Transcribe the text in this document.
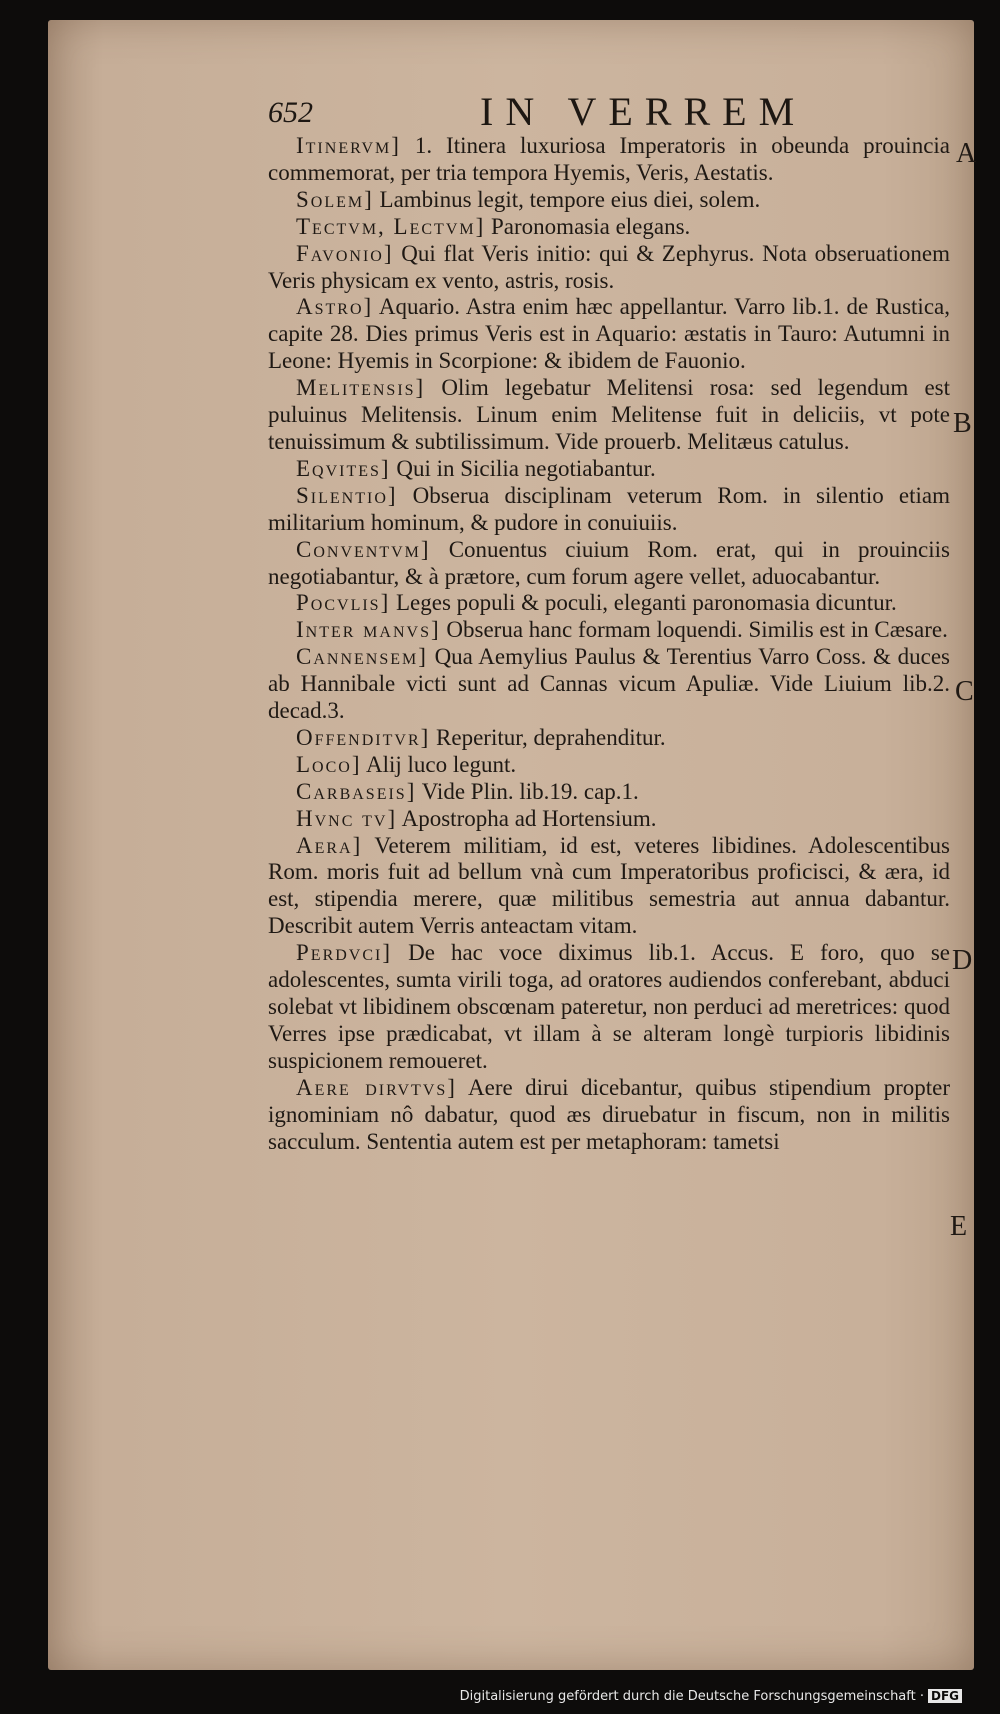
652	IN VERREM

Itinervm] 1. Itinera luxuriosa Imperatoris in obeunda prouincia commemorat, per tria tempora Hyemis, Veris, Aestatis.

Solem] Lambinus legit, tempore eius diei, solem.

Tectvm, Lectvm] Paronomasia elegans.

Favonio] Qui flat Veris initio: qui & Zephyrus. Nota obseruationem Veris physicam ex vento, astris, rosis.

Astro] Aquario. Astra enim hæc appellantur. Varro lib.1. de Rustica, capite 28. Dies primus Veris est in Aquario: æstatis in Tauro: Autumni in Leone: Hyemis in Scorpione: & ibidem de Fauonio.

Melitensis] Olim legebatur Melitensi rosa: sed legendum est puluinus Melitensis. Linum enim Melitense fuit in deliciis, vt pote tenuissimum & subtilissimum. Vide prouerb. Melitæus catulus.

Eqvites] Qui in Sicilia negotiabantur.

Silentio] Obserua disciplinam veterum Rom. in silentio etiam militarium hominum, & pudore in conuiuiis.

Conventvm] Conuentus ciuium Rom. erat, qui in prouinciis negotiabantur, & à prætore, cum forum agere vellet, aduocabantur.

Pocvlis] Leges populi & poculi, eleganti paronomasia dicuntur.

Inter manvs] Obserua hanc formam loquendi. Similis est in Cæsare.

Cannensem] Qua Aemylius Paulus & Terentius Varro Coss. & duces ab Hannibale victi sunt ad Cannas vicum Apuliæ. Vide Liuium lib.2. decad.3.

Offenditvr] Reperitur, deprahenditur.

Loco] Alij luco legunt.

Carbaseis] Vide Plin. lib.19. cap.1.

Hvnc tv] Apostropha ad Hortensium.

Aera] Veterem militiam, id est, veteres libidines. Adolescentibus Rom. moris fuit ad bellum vnà cum Imperatoribus proficisci, & æra, id est, stipendia merere, quæ militibus semestria aut annua dabantur. Describit autem Verris anteactam vitam.

Perdvci] De hac voce diximus lib.1. Accus. E foro, quo se adolescentes, sumta virili toga, ad oratores audiendos conferebant, abduci solebat vt libidinem obscœnam pateretur, non perduci ad meretrices: quod Verres ipse prædicabat, vt illam à se alteram longè turpioris libidinis suspicionem remoueret.

Aere dirvtvs] Aere dirui dicebantur, quibus stipendium propter ignominiam nô dabatur, quod æs diruebatur in fiscum, non in militis sacculum. Sententia autem est per metaphoram: tametsi

A
B
C
D
E
Digitalisierung gefördert durch die Deutsche Forschungsgemeinschaft · DFG
